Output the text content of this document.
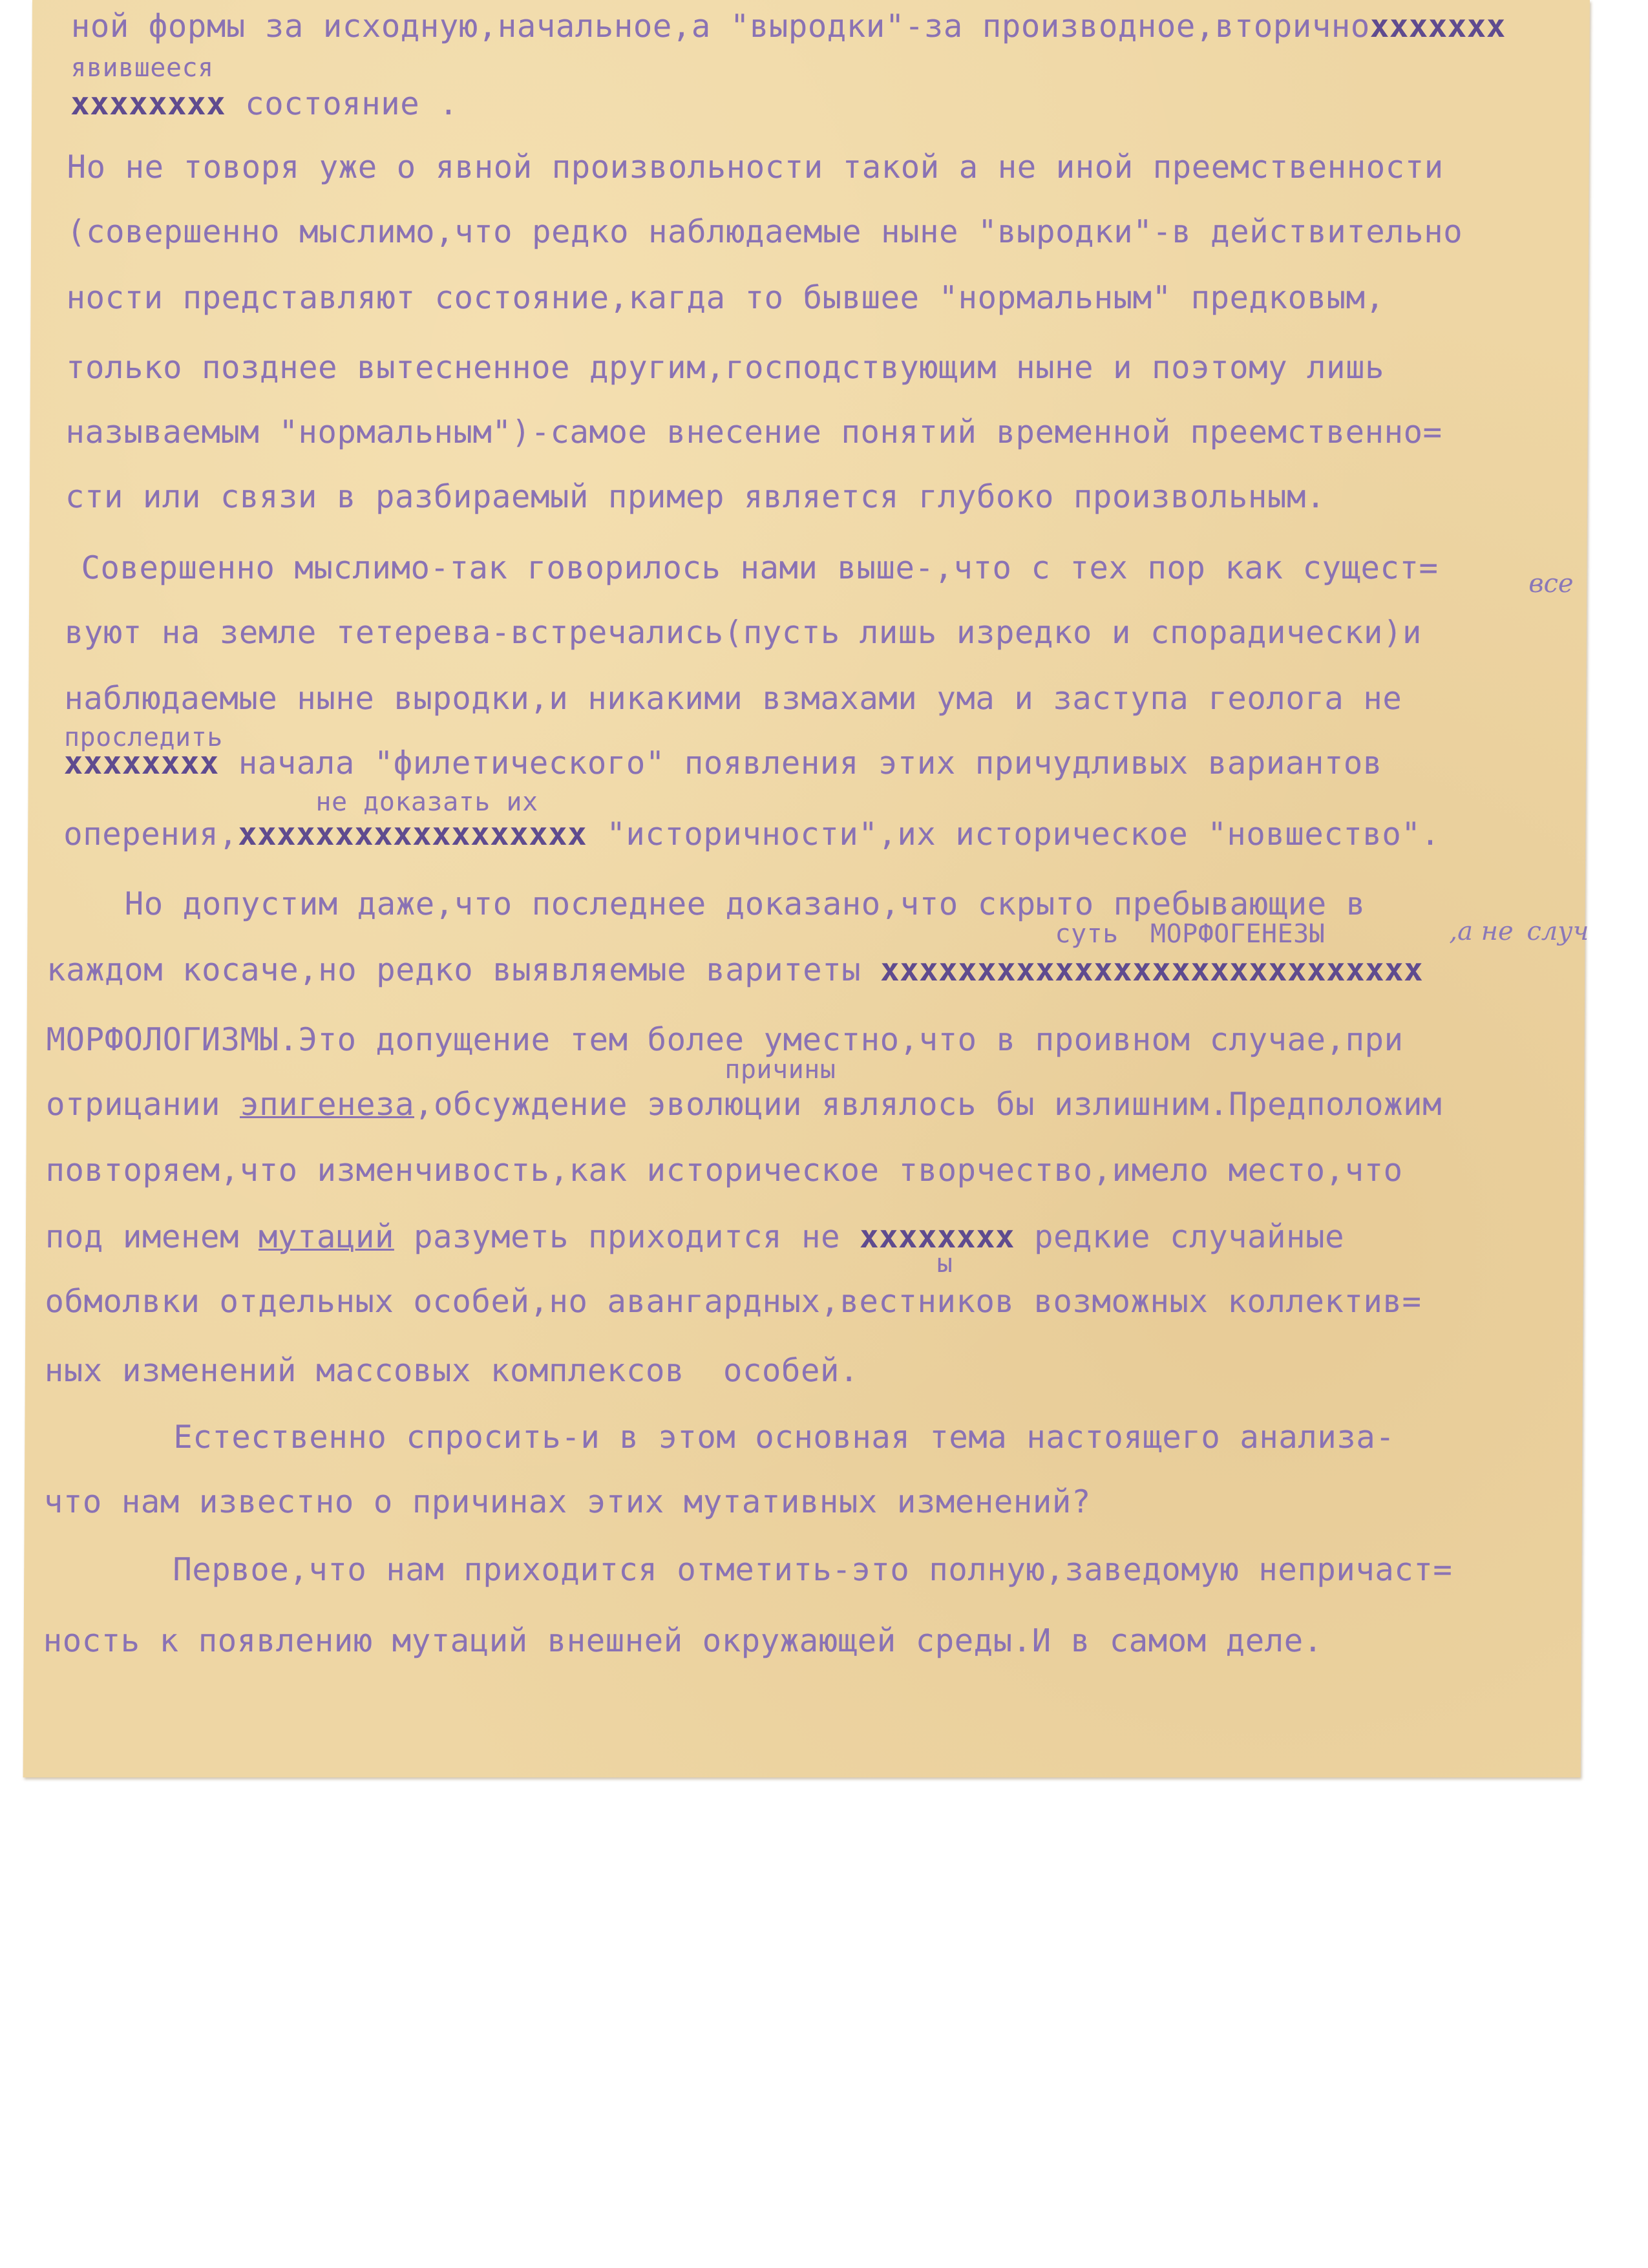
ной формы за исходную,начальное,а "выродки"-за производное,вторичноxxxxxxx

явившееся

xxxxxxxx состояние .

Но не товоря уже о явной произвольности такой а не иной преемственности

(совершенно мыслимо,что редко наблюдаемые ныне "выродки"-в действительно

ности представляют состояние,кагда то бывшее "нормальным" предковым,

только позднее вытесненное другим,господствующим ныне и поэтому лишь

называемым "нормальным")-самое внесение понятий временной преемственно=

сти или связи в разбираемый пример является глубоко произвольным.

Совершенно мыслимо-так говорилось нами выше-,что с тех пор как сущест=	все

вуют на земле тетерева-встречались(пусть лишь изредко и спорадически)и

наблюдаемые ныне выродки,и никакими взмахами ума и заступа геолога не

проследить

xxxxxxxx начала "филетического" появления этих причудливых вариантов

не доказать их

оперения,xxxxxxxxxxxxxxxxxx "историчности",их историческое "новшество".

Но допустим даже,что последнее доказано,что скрыто пребывающие в

суть  МОРФОГЕНЕЗЫ	,а не случ

каждом косаче,но редко выявляемые варитеты xxxxxxxxxxxxxxxxxxxxxxxxxxxx

МОРФОЛОГИЗМЫ.Это допущение тем более уместно,что в проивном случае,при

причины

отрицании эпигенеза,обсуждение эволюции являлось бы излишним.Предположим

повторяем,что изменчивость,как историческое творчество,имело место,что

под именем мутаций разуметь приходится не xxxxxxxx редкие случайные

ы

обмолвки отдельных особей,но авангардных,вестников возможных коллектив=

ных изменений массовых комплексов  особей.

Естественно спросить-и в этом основная тема настоящего анализа-

что нам известно о причинах этих мутативных изменений?

Первое,что нам приходится отметить-это полную,заведомую непричаст=

ность к появлению мутаций внешней окружающей среды.И в самом деле.
